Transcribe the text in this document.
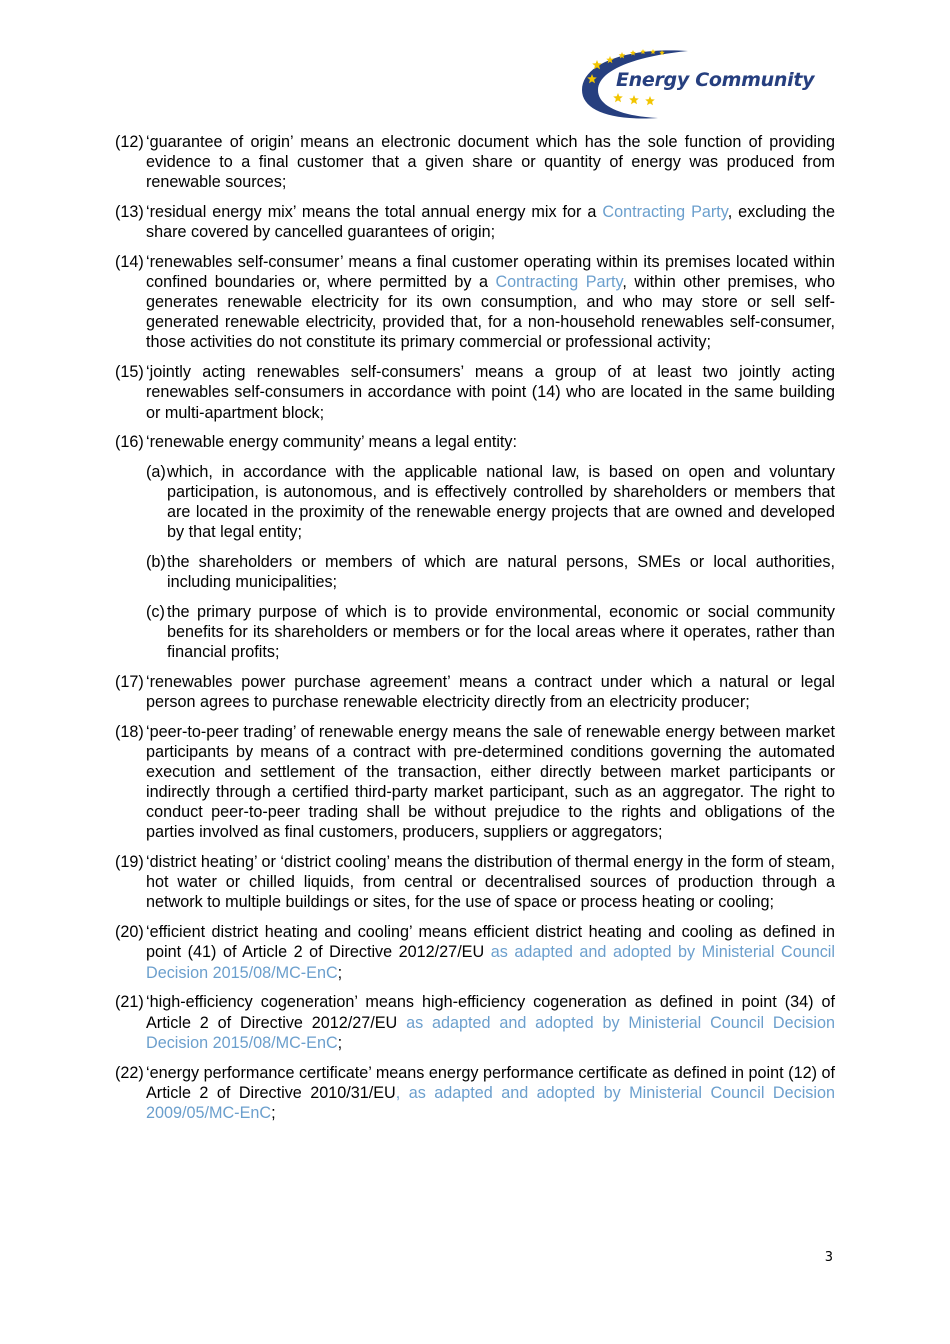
Energy Community
(12) ‘guarantee of origin’ means an electronic document which has the sole function of providing evidence to a final customer that a given share or quantity of energy was produced from renewable sources;
(13) ‘residual energy mix’ means the total annual energy mix for a Contracting Party, excluding the share covered by cancelled guarantees of origin;
(14) ‘renewables self-consumer’ means a final customer operating within its premises located within confined boundaries or, where permitted by a Contracting Party, within other premises, who generates renewable electricity for its own consumption, and who may store or sell self-generated renewable electricity, provided that, for a non-household renewables self-consumer, those activities do not constitute its primary commercial or professional activity;
(15) ‘jointly acting renewables self-consumers’ means a group of at least two jointly acting renewables self-consumers in accordance with point (14) who are located in the same building or multi-apartment block;
(16) ‘renewable energy community’ means a legal entity:
(a) which, in accordance with the applicable national law, is based on open and voluntary participation, is autonomous, and is effectively controlled by shareholders or members that are located in the proximity of the renewable energy projects that are owned and developed by that legal entity;
(b) the shareholders or members of which are natural persons, SMEs or local authorities, including municipalities;
(c) the primary purpose of which is to provide environmental, economic or social community benefits for its shareholders or members or for the local areas where it operates, rather than financial profits;
(17) ‘renewables power purchase agreement’ means a contract under which a natural or legal person agrees to purchase renewable electricity directly from an electricity producer;
(18) ‘peer-to-peer trading’ of renewable energy means the sale of renewable energy between market participants by means of a contract with pre-determined conditions governing the automated execution and settlement of the transaction, either directly between market participants or indirectly through a certified third-party market participant, such as an aggregator. The right to conduct peer-to-peer trading shall be without prejudice to the rights and obligations of the parties involved as final customers, producers, suppliers or aggregators;
(19) ‘district heating’ or ‘district cooling’ means the distribution of thermal energy in the form of steam, hot water or chilled liquids, from central or decentralised sources of production through a network to multiple buildings or sites, for the use of space or process heating or cooling;
(20) ‘efficient district heating and cooling’ means efficient district heating and cooling as defined in point (41) of Article 2 of Directive 2012/27/EU as adapted and adopted by Ministerial Council Decision 2015/08/MC-EnC;
(21) ‘high-efficiency cogeneration’ means high-efficiency cogeneration as defined in point (34) of Article 2 of Directive 2012/27/EU as adapted and adopted by Ministerial Council Decision Decision 2015/08/MC-EnC;
(22) ‘energy performance certificate’ means energy performance certificate as defined in point (12) of Article 2 of Directive 2010/31/EU, as adapted and adopted by Ministerial Council Decision 2009/05/MC-EnC;
3
